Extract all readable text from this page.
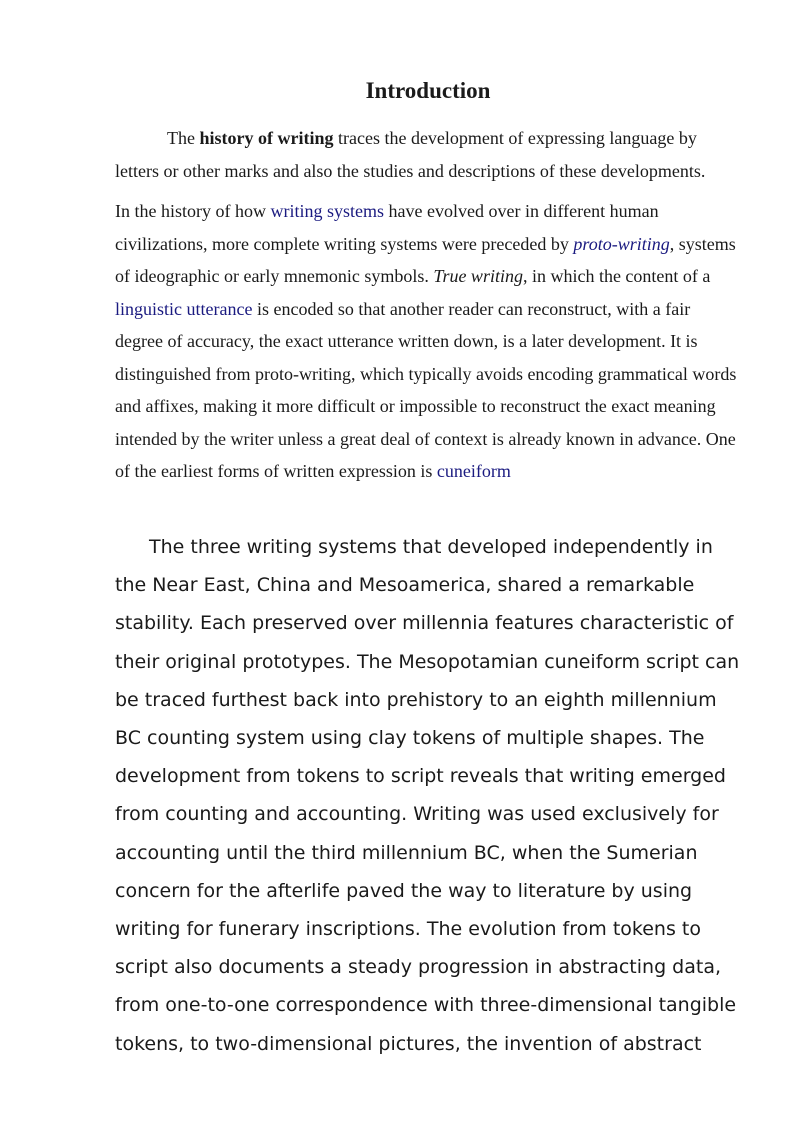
Introduction

The history of writing traces the development of expressing language by letters or other marks and also the studies and descriptions of these developments.

In the history of how writing systems have evolved over in different human civilizations, more complete writing systems were preceded by proto-writing, systems of ideographic or early mnemonic symbols. True writing, in which the content of a linguistic utterance is encoded so that another reader can reconstruct, with a fair degree of accuracy, the exact utterance written down, is a later development. It is distinguished from proto-writing, which typically avoids encoding grammatical words and affixes, making it more difficult or impossible to reconstruct the exact meaning intended by the writer unless a great deal of context is already known in advance. One of the earliest forms of written expression is cuneiform

The three writing systems that developed independently in the Near East, China and Mesoamerica, shared a remarkable stability. Each preserved over millennia features characteristic of their original prototypes. The Mesopotamian cuneiform script can be traced furthest back into prehistory to an eighth millennium BC counting system using clay tokens of multiple shapes. The development from tokens to script reveals that writing emerged from counting and accounting. Writing was used exclusively for accounting until the third millennium BC, when the Sumerian concern for the afterlife paved the way to literature by using writing for funerary inscriptions. The evolution from tokens to script also documents a steady progression in abstracting data, from one-to-one correspondence with three-dimensional tangible tokens, to two-dimensional pictures, the invention of abstract
